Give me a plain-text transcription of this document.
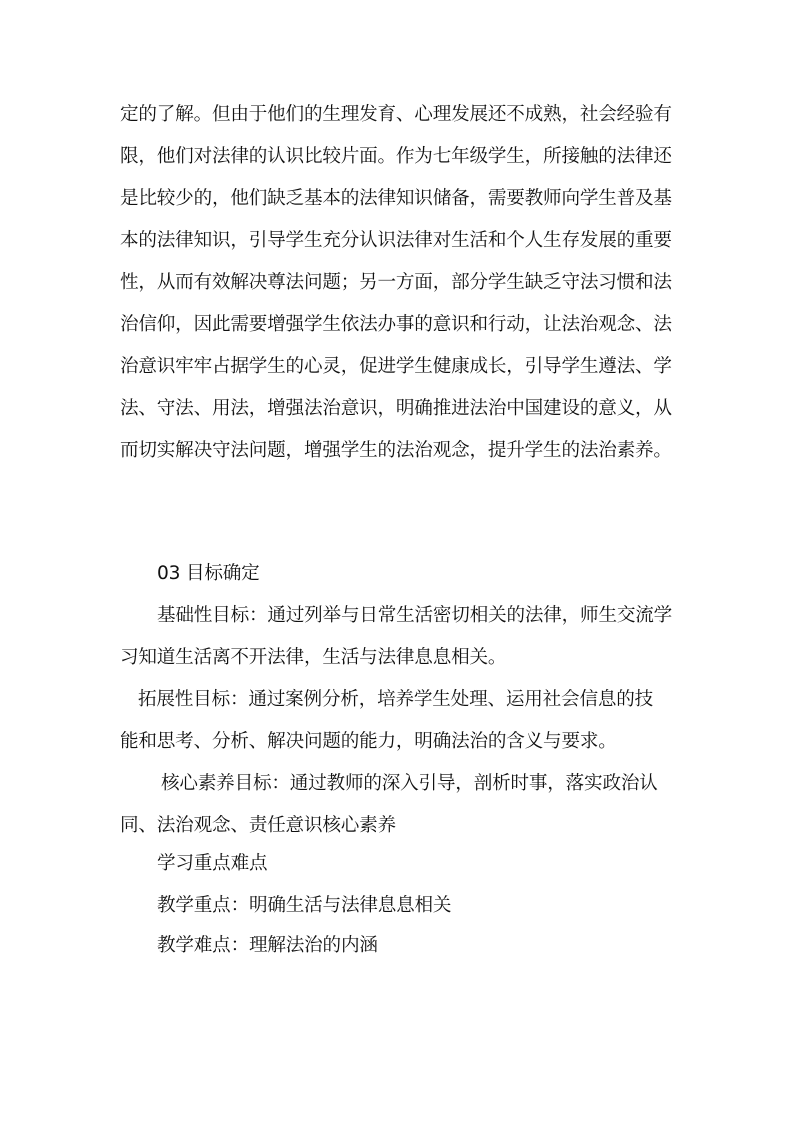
定的了解。但由于他们的生理发育、心理发展还不成熟，社会经验有
限，他们对法律的认识比较片面。作为七年级学生，所接触的法律还
是比较少的，他们缺乏基本的法律知识储备，需要教师向学生普及基
本的法律知识，引导学生充分认识法律对生活和个人生存发展的重要
性，从而有效解决尊法问题；另一方面，部分学生缺乏守法习惯和法
治信仰，因此需要增强学生依法办事的意识和行动，让法治观念、法
治意识牢牢占据学生的心灵，促进学生健康成长，引导学生遵法、学
法、守法、用法，增强法治意识，明确推进法治中国建设的意义，从
而切实解决守法问题，增强学生的法治观念，提升学生的法治素养。
03 目标确定
基础性目标：通过列举与日常生活密切相关的法律，师生交流学
习知道生活离不开法律，生活与法律息息相关。
拓展性目标：通过案例分析，培养学生处理、运用社会信息的技
能和思考、分析、解决问题的能力，明确法治的含义与要求。
核心素养目标：通过教师的深入引导，剖析时事，落实政治认
同、法治观念、责任意识核心素养
学习重点难点
教学重点：明确生活与法律息息相关
教学难点：理解法治的内涵
